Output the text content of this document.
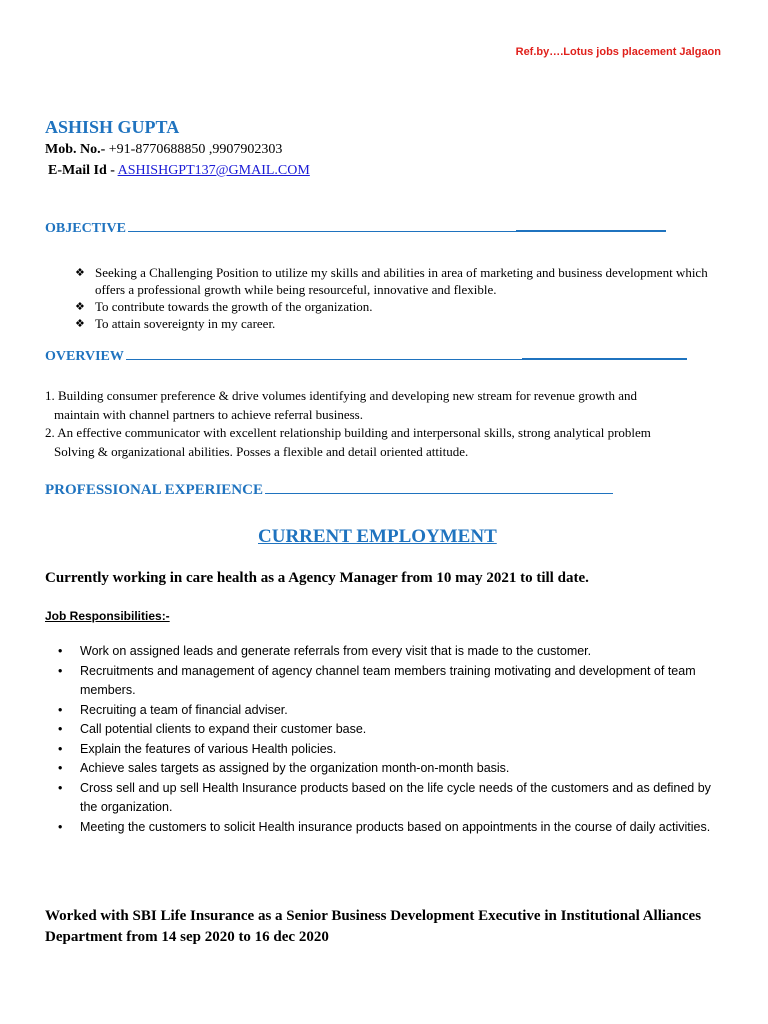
Ref.by….Lotus jobs placement Jalgaon
ASHISH GUPTA
Mob. No.- +91-8770688850 ,9907902303
E-Mail Id - ASHISHGPT137@GMAIL.COM
OBJECTIVE
❖ Seeking a Challenging Position to utilize my skills and abilities in area of marketing and business development which offers a professional growth while being resourceful, innovative and flexible.
❖ To contribute towards the growth of the organization.
❖ To attain sovereignty in my career.
OVERVIEW
1. Building consumer preference & drive volumes identifying and developing new stream for revenue growth and
maintain with channel partners to achieve referral business.
2. An effective communicator with excellent relationship building and interpersonal skills, strong analytical problem
Solving & organizational abilities. Posses a flexible and detail oriented attitude.
PROFESSIONAL EXPERIENCE
CURRENT EMPLOYMENT
Currently working in care health as a Agency Manager from 10 may 2021 to till date.
Job Responsibilities:-
• Work on assigned leads and generate referrals from every visit that is made to the customer.
• Recruitments and management of agency channel team members training motivating and development of team members.
• Recruiting a team of financial adviser.
• Call potential clients to expand their customer base.
• Explain the features of various Health policies.
• Achieve sales targets as assigned by the organization month-on-month basis.
• Cross sell and up sell Health Insurance products based on the life cycle needs of the customers and as defined by the organization.
• Meeting the customers to solicit Health insurance products based on appointments in the course of daily activities.
Worked with SBI Life Insurance as a Senior Business Development Executive in Institutional Alliances Department from 14 sep 2020 to 16 dec 2020
